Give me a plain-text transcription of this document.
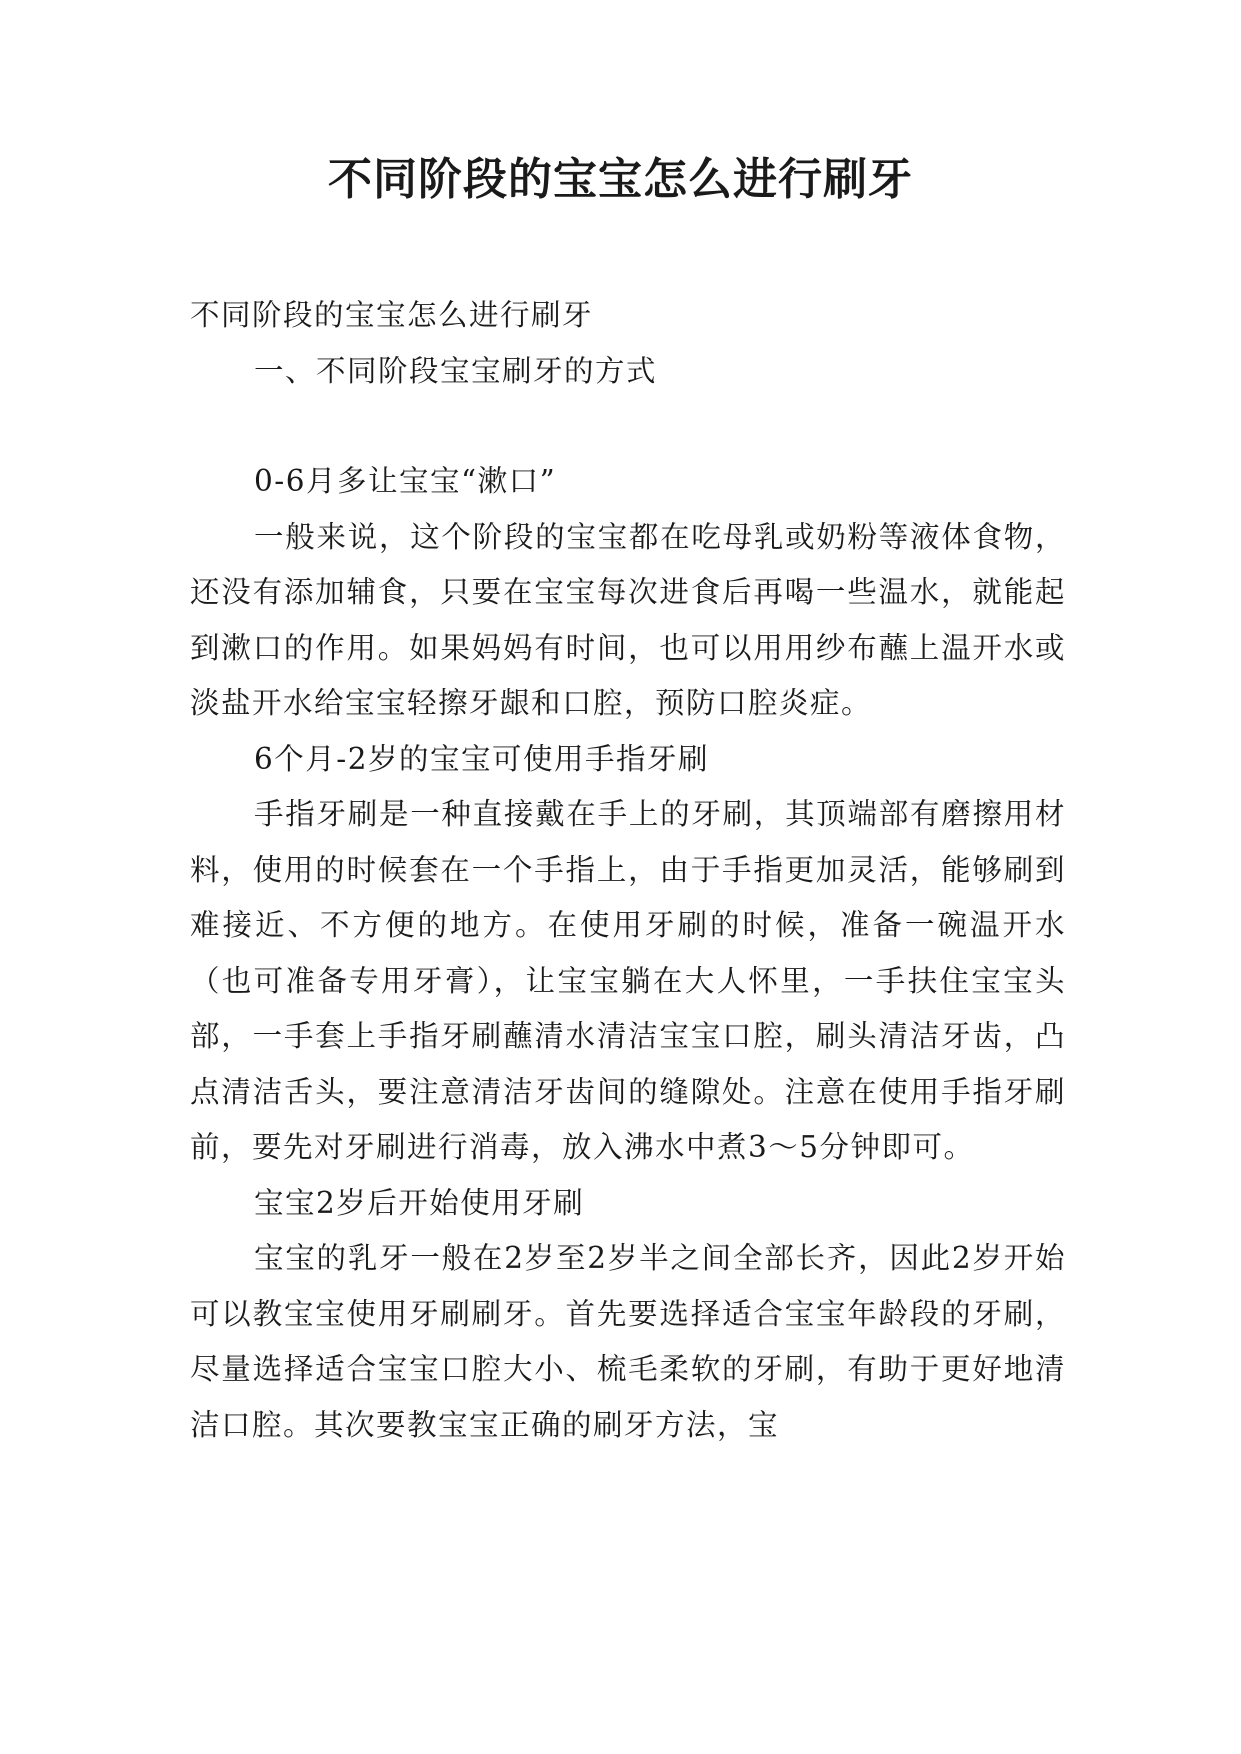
不同阶段的宝宝怎么进行刷牙

不同阶段的宝宝怎么进行刷牙

一、不同阶段宝宝刷牙的方式

0-6月多让宝宝“漱口”

一般来说，这个阶段的宝宝都在吃母乳或奶粉等液体食物，还没有添加辅食，只要在宝宝每次进食后再喝一些温水，就能起到漱口的作用。如果妈妈有时间，也可以用用纱布蘸上温开水或淡盐开水给宝宝轻擦牙龈和口腔，预防口腔炎症。

6个月-2岁的宝宝可使用手指牙刷

手指牙刷是一种直接戴在手上的牙刷，其顶端部有磨擦用材料，使用的时候套在一个手指上，由于手指更加灵活，能够刷到难接近、不方便的地方。在使用牙刷的时候，准备一碗温开水（也可准备专用牙膏），让宝宝躺在大人怀里，一手扶住宝宝头部，一手套上手指牙刷蘸清水清洁宝宝口腔，刷头清洁牙齿，凸点清洁舌头，要注意清洁牙齿间的缝隙处。注意在使用手指牙刷前，要先对牙刷进行消毒，放入沸水中煮3～5分钟即可。

宝宝2岁后开始使用牙刷

宝宝的乳牙一般在2岁至2岁半之间全部长齐，因此2岁开始可以教宝宝使用牙刷刷牙。首先要选择适合宝宝年龄段的牙刷，尽量选择适合宝宝口腔大小、梳毛柔软的牙刷，有助于更好地清洁口腔。其次要教宝宝正确的刷牙方法，宝
